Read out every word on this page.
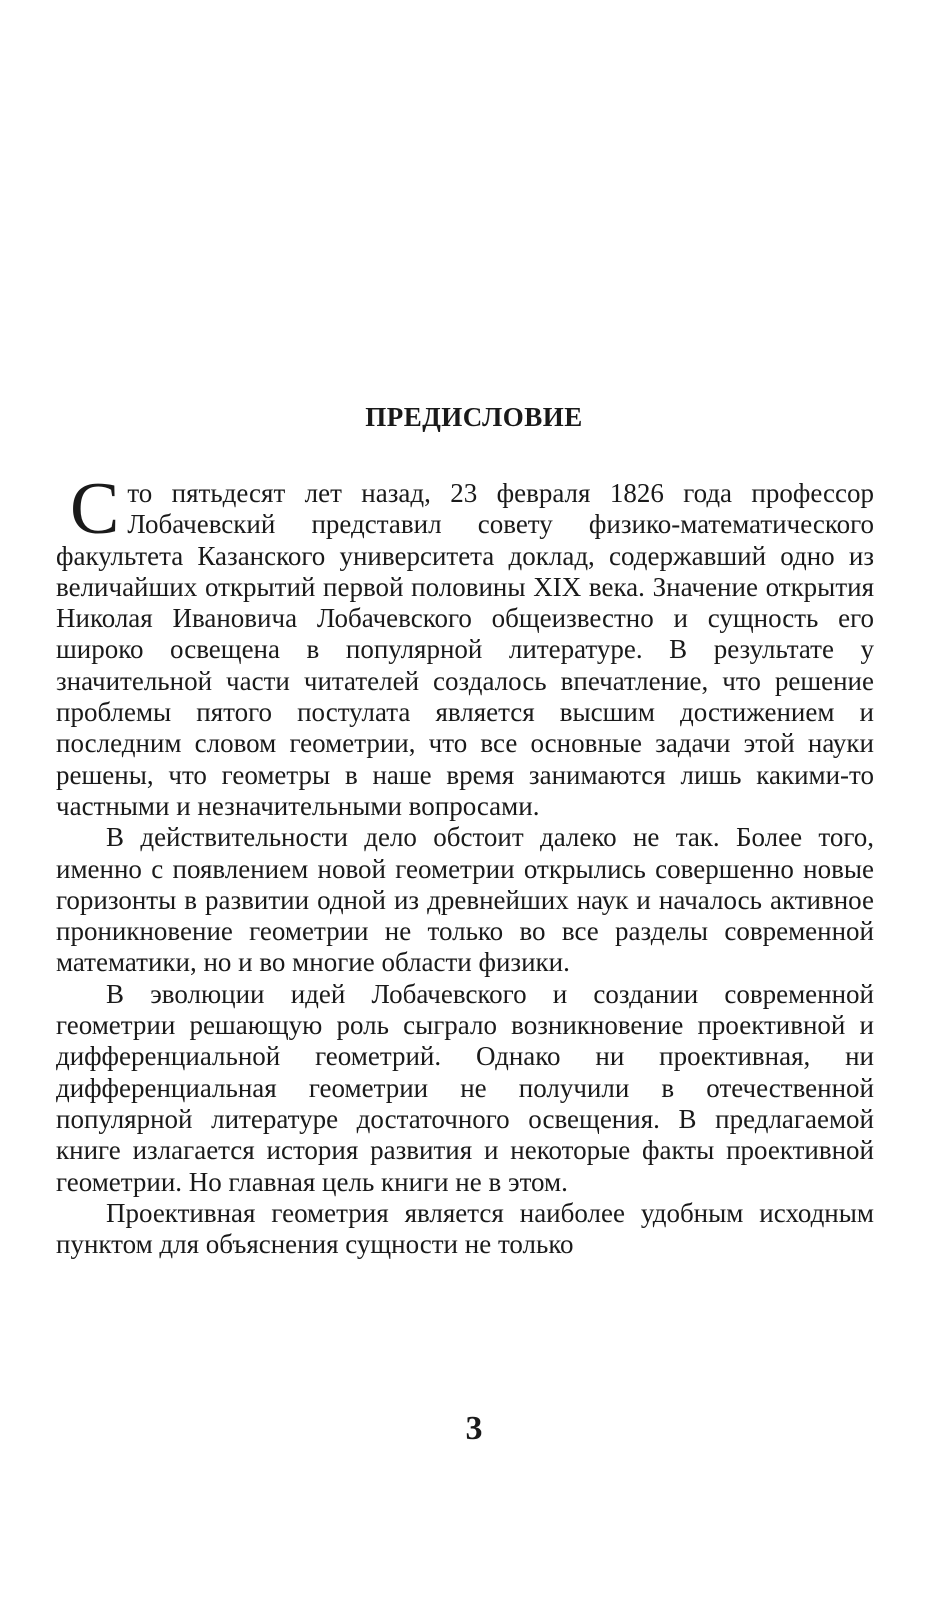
ПРЕДИСЛОВИЕ

Сто пятьдесят лет назад, 23 февраля 1826 года профессор Лобачевский представил совету физико-математического факультета Казанского университета доклад, содержавший одно из величайших открытий первой половины XIX века. Значение открытия Николая Ивановича Лобачевского общеизвестно и сущность его широко освещена в популярной литературе. В результате у значительной части читателей создалось впечатление, что решение проблемы пятого постулата является высшим достижением и последним словом геометрии, что все основные задачи этой науки решены, что геометры в наше время занимаются лишь какими-то частными и незначительными вопросами.

В действительности дело обстоит далеко не так. Более того, именно с появлением новой геометрии открылись совершенно новые горизонты в развитии одной из древнейших наук и началось активное проникновение геометрии не только во все разделы современной математики, но и во многие области физики.

В эволюции идей Лобачевского и создании современной геометрии решающую роль сыграло возникновение проективной и дифференциальной геометрий. Однако ни проективная, ни дифференциальная геометрии не получили в отечественной популярной литературе достаточного освещения. В предлагаемой книге излагается история развития и некоторые факты проективной геометрии. Но главная цель книги не в этом.

Проективная геометрия является наиболее удобным исходным пунктом для объяснения сущности не только

3
